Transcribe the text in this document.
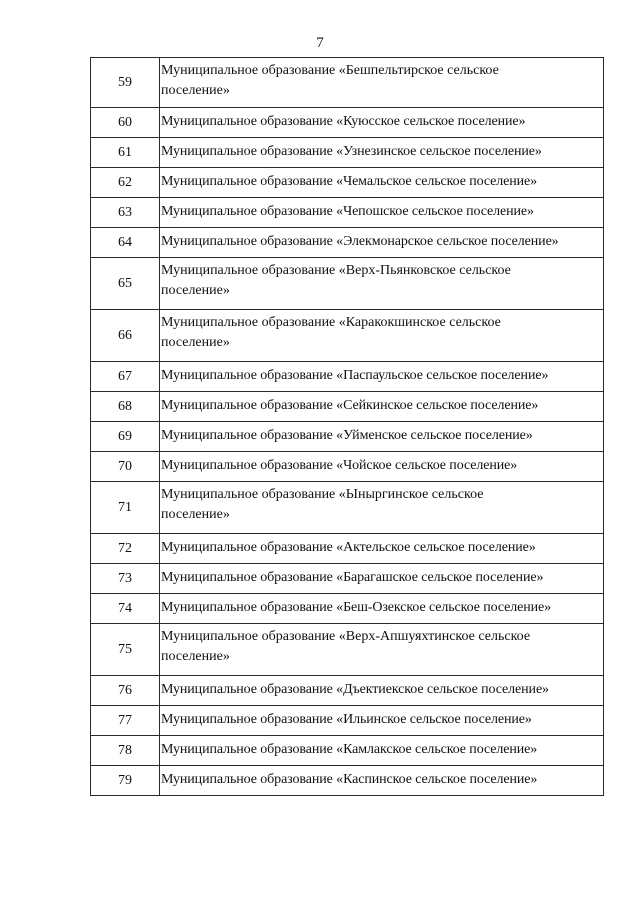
7
59	Муниципальное образование «Бешпельтирское сельское
поселение»
60	Муниципальное образование «Куюсское сельское поселение»
61	Муниципальное образование «Узнезинское сельское поселение»
62	Муниципальное образование «Чемальское сельское поселение»
63	Муниципальное образование «Чепошское сельское поселение»
64	Муниципальное образование «Элекмонарское сельское поселение»
65	Муниципальное образование «Верх-Пьянковское сельское
поселение»
66	Муниципальное образование «Каракокшинское сельское
поселение»
67	Муниципальное образование «Паспаульское сельское поселение»
68	Муниципальное образование «Сейкинское сельское поселение»
69	Муниципальное образование «Уйменское сельское поселение»
70	Муниципальное образование «Чойское сельское поселение»
71	Муниципальное образование «Ыныргинское сельское
поселение»
72	Муниципальное образование «Актельское сельское поселение»
73	Муниципальное образование «Барагашское сельское поселение»
74	Муниципальное образование «Беш-Озекское сельское поселение»
75	Муниципальное образование «Верх-Апшуяхтинское сельское
поселение»
76	Муниципальное образование «Дъектиекское сельское поселение»
77	Муниципальное образование «Ильинское сельское поселение»
78	Муниципальное образование «Камлакское сельское поселение»
79	Муниципальное образование «Каспинское сельское поселение»
